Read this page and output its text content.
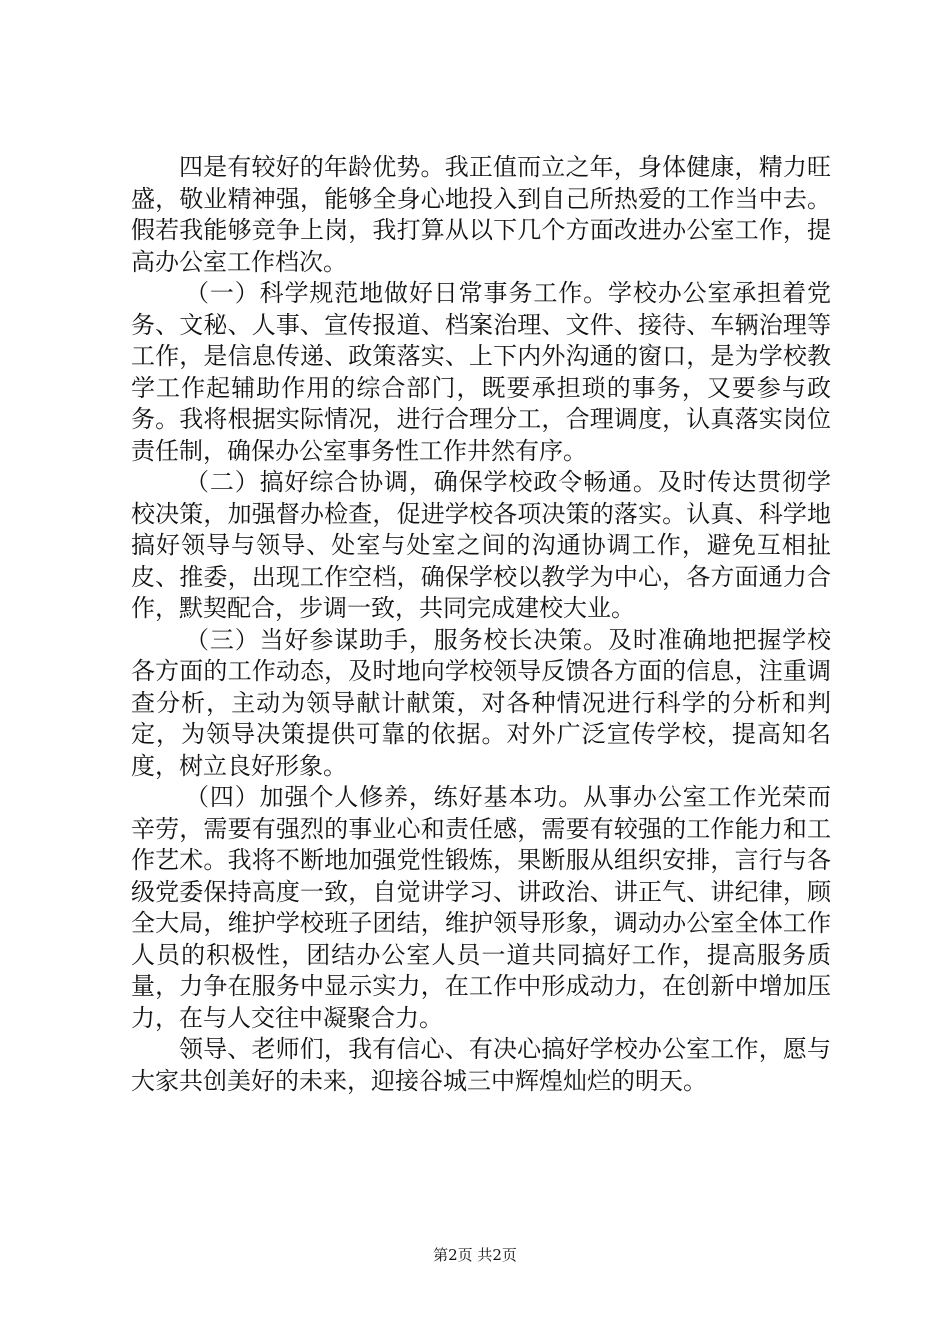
四是有较好的年龄优势。我正值而立之年，身体健康，精力旺盛，敬业精神强，能够全身心地投入到自己所热爱的工作当中去。假若我能够竞争上岗，我打算从以下几个方面改进办公室工作，提高办公室工作档次。

（一）科学规范地做好日常事务工作。学校办公室承担着党务、文秘、人事、宣传报道、档案治理、文件、接待、车辆治理等工作，是信息传递、政策落实、上下内外沟通的窗口，是为学校教学工作起辅助作用的综合部门，既要承担琐的事务，又要参与政务。我将根据实际情况，进行合理分工，合理调度，认真落实岗位责任制，确保办公室事务性工作井然有序。

（二）搞好综合协调，确保学校政令畅通。及时传达贯彻学校决策，加强督办检查，促进学校各项决策的落实。认真、科学地搞好领导与领导、处室与处室之间的沟通协调工作，避免互相扯皮、推委，出现工作空档，确保学校以教学为中心，各方面通力合作，默契配合，步调一致，共同完成建校大业。

（三）当好参谋助手，服务校长决策。及时准确地把握学校各方面的工作动态，及时地向学校领导反馈各方面的信息，注重调查分析，主动为领导献计献策，对各种情况进行科学的分析和判定，为领导决策提供可靠的依据。对外广泛宣传学校，提高知名度，树立良好形象。

（四）加强个人修养，练好基本功。从事办公室工作光荣而辛劳，需要有强烈的事业心和责任感，需要有较强的工作能力和工作艺术。我将不断地加强党性锻炼，果断服从组织安排，言行与各级党委保持高度一致，自觉讲学习、讲政治、讲正气、讲纪律，顾全大局，维护学校班子团结，维护领导形象，调动办公室全体工作人员的积极性，团结办公室人员一道共同搞好工作，提高服务质量，力争在服务中显示实力，在工作中形成动力，在创新中增加压力，在与人交往中凝聚合力。

领导、老师们，我有信心、有决心搞好学校办公室工作，愿与大家共创美好的未来，迎接谷城三中辉煌灿烂的明天。

第2页 共2页
